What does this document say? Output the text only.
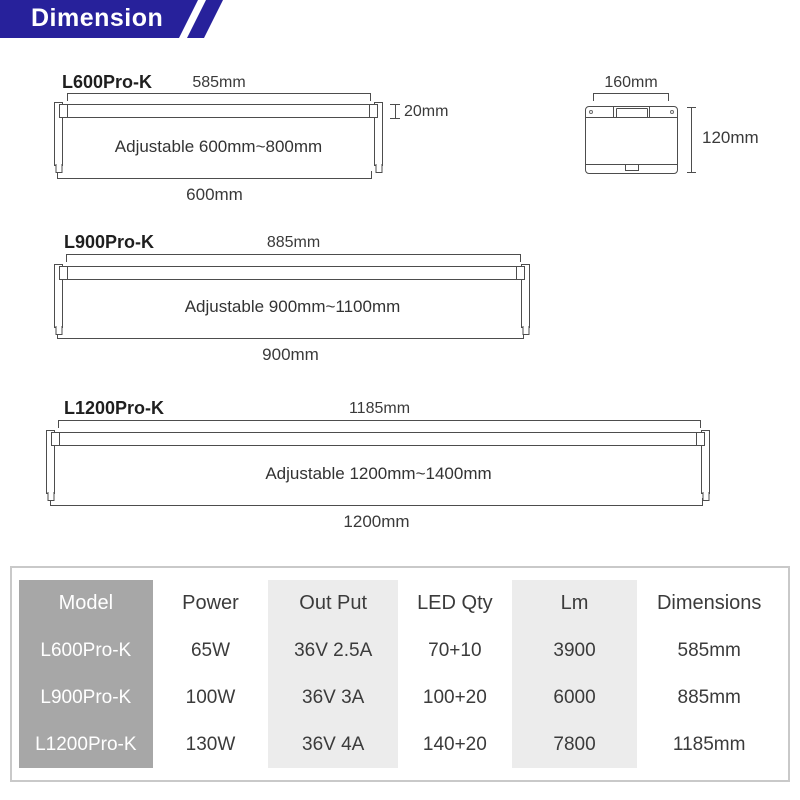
Dimension
L600Pro-K	585mm
20mm
Adjustable 600mm~800mm
600mm
160mm
120mm
L900Pro-K	885mm
Adjustable 900mm~1100mm
900mm
L1200Pro-K	1185mm
Adjustable 1200mm~1400mm
1200mm
Model	Power	Out Put	LED Qty	Lm	Dimensions
L600Pro-K	65W	36V 2.5A	70+10	3900	585mm
L900Pro-K	100W	36V 3A	100+20	6000	885mm
L1200Pro-K	130W	36V 4A	140+20	7800	1185mm
